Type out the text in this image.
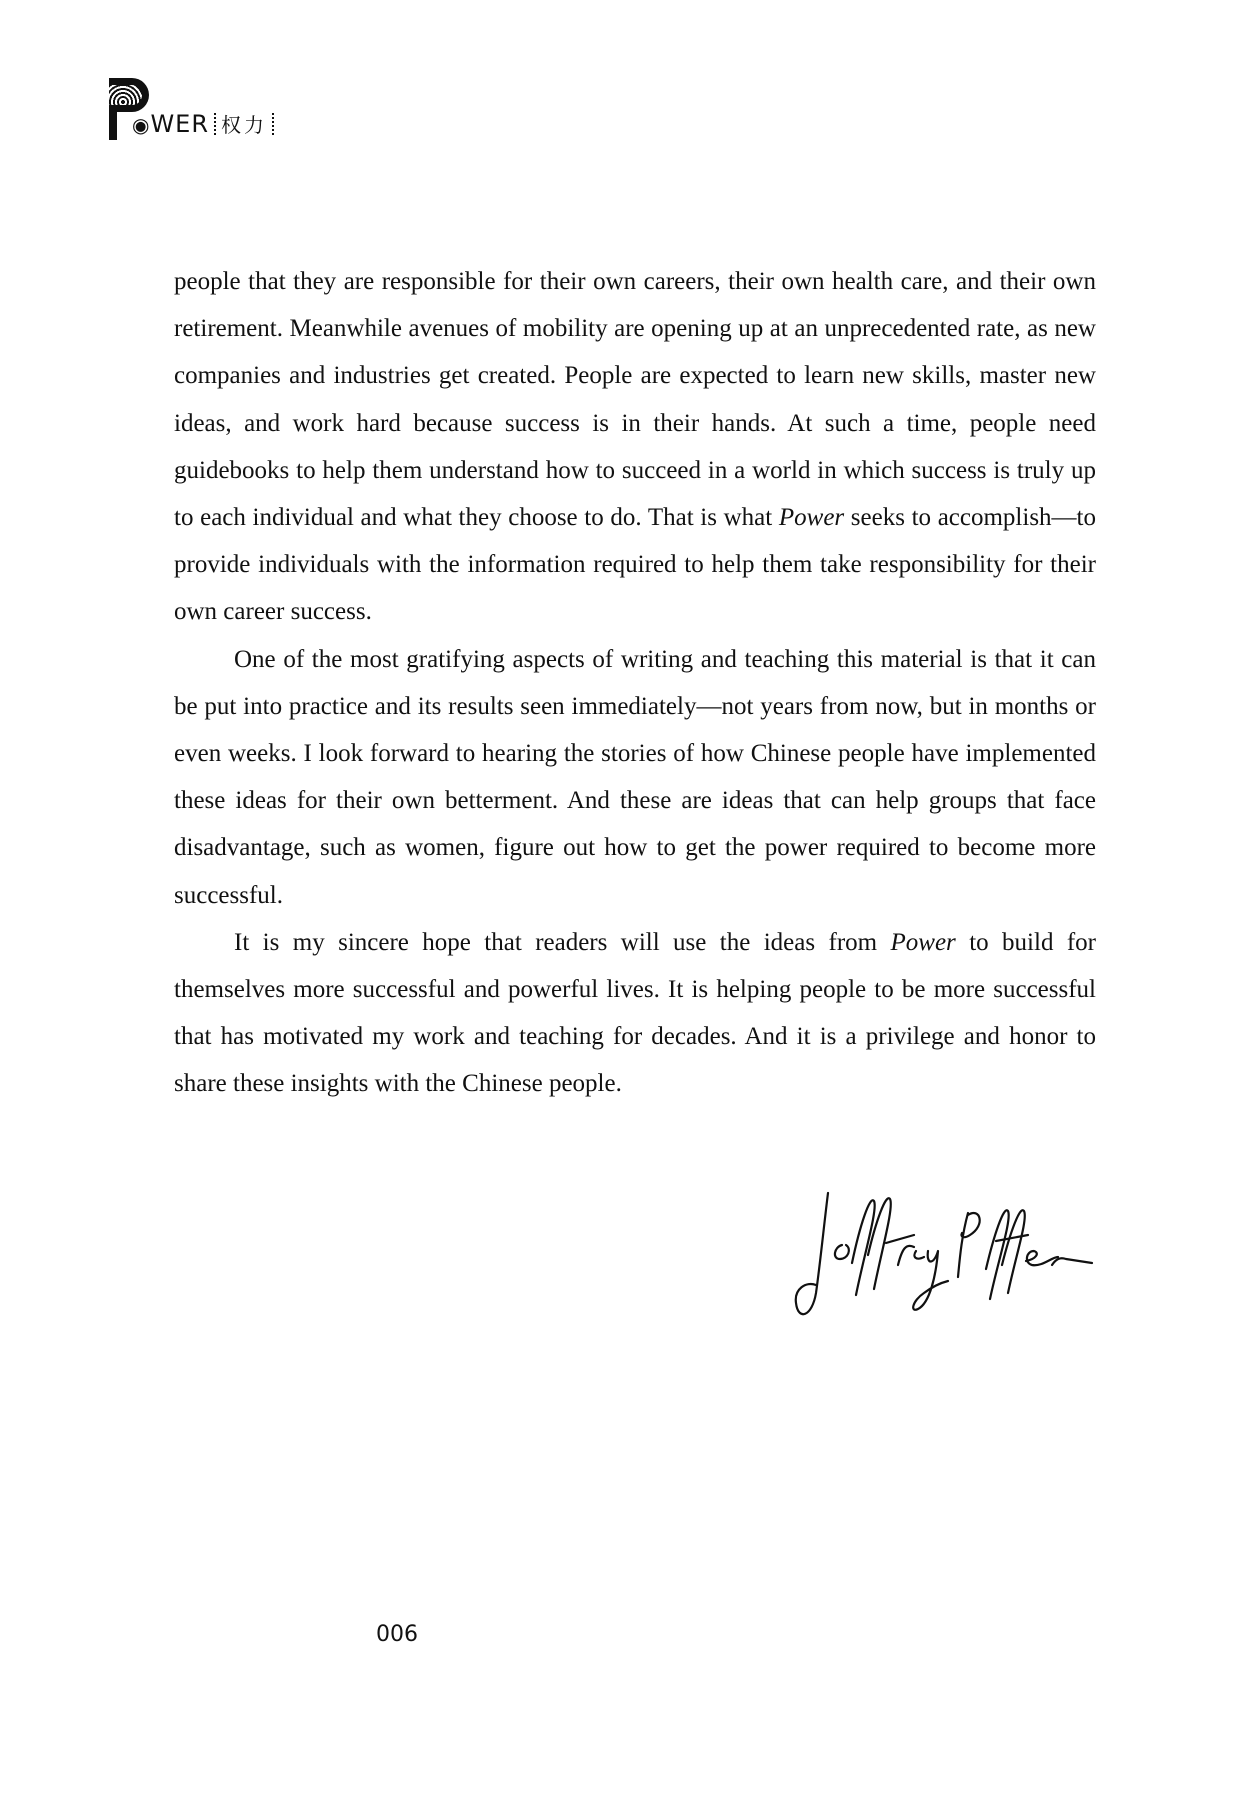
◉WER 权力

people that they are responsible for their own careers, their own health care, and their own retirement. Meanwhile avenues of mobility are opening up at an unprecedented rate, as new companies and industries get created. People are expected to learn new skills, master new ideas, and work hard because success is in their hands. At such a time, people need guidebooks to help them understand how to succeed in a world in which success is truly up to each individual and what they choose to do. That is what Power seeks to accomplish—to provide individuals with the information required to help them take responsibility for their own career success.

One of the most gratifying aspects of writing and teaching this material is that it can be put into practice and its results seen immediately—not years from now, but in months or even weeks. I look forward to hearing the stories of how Chinese people have implemented these ideas for their own betterment. And these are ideas that can help groups that face disadvantage, such as women, figure out how to get the power required to become more successful.

It is my sincere hope that readers will use the ideas from Power to build for themselves more successful and powerful lives. It is helping people to be more successful that has motivated my work and teaching for decades. And it is a privilege and honor to share these insights with the Chinese people.

006
